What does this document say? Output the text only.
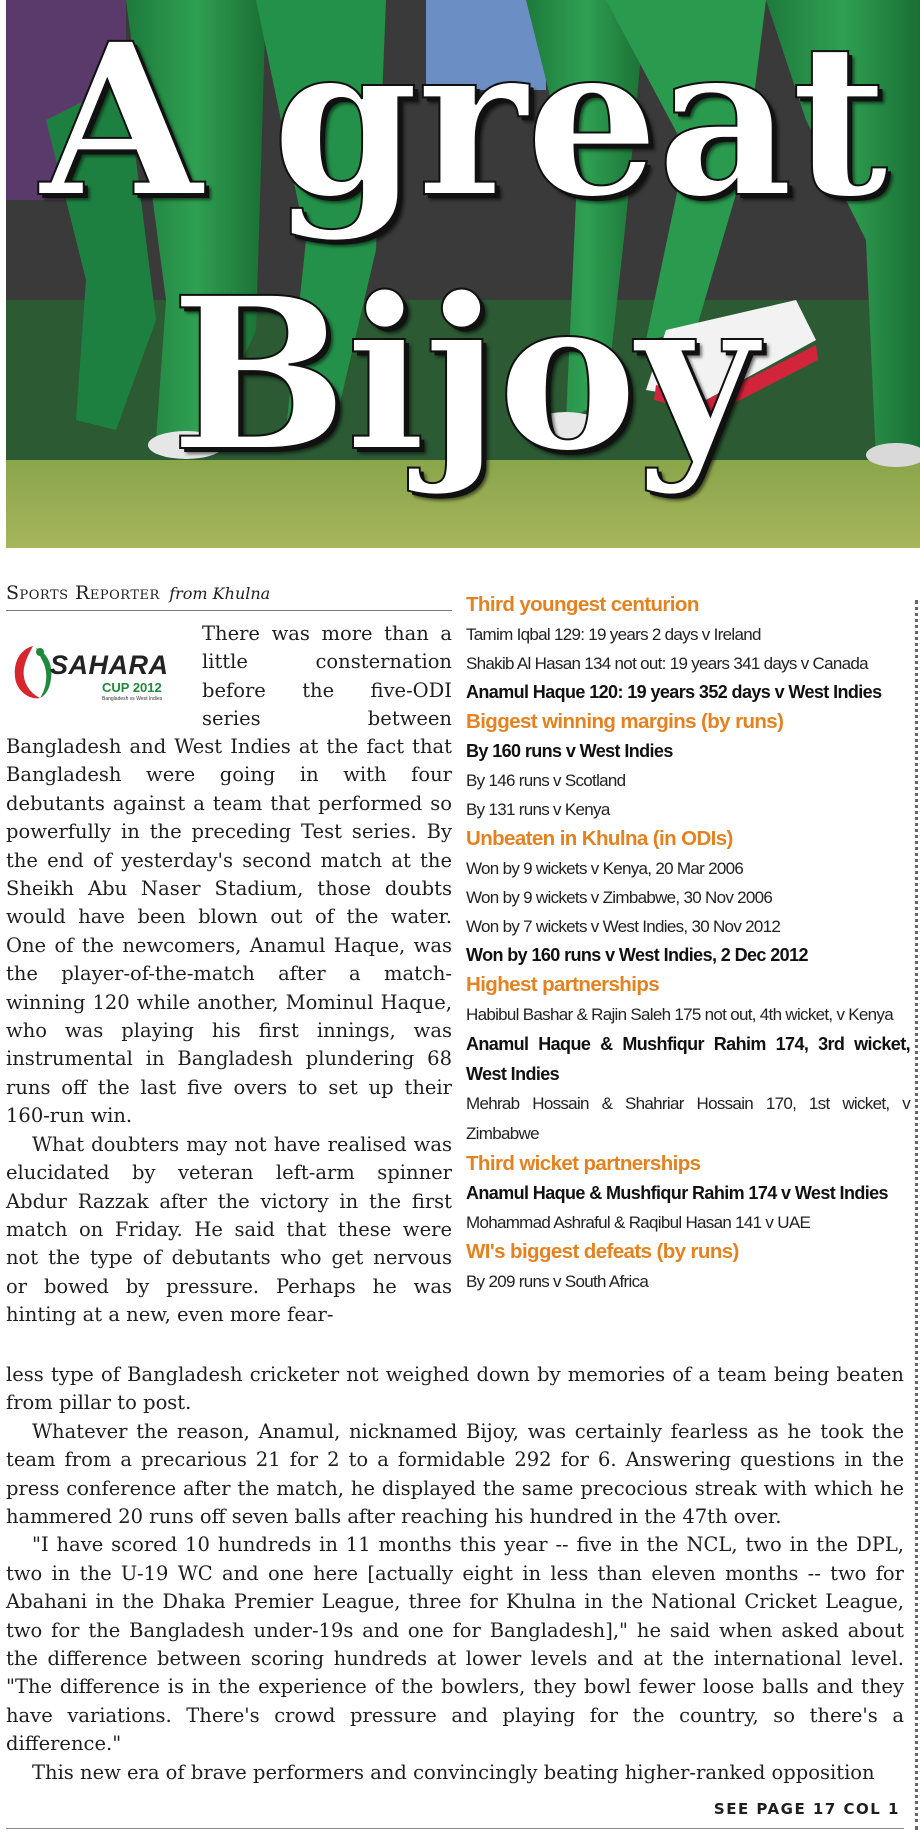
A great
Bijoy
Sports Reporter from Khulna
SAHARA
CUP 2012
Bangladesh vs West Indies

There was more than a little consternation before the five-ODI series between

Bangladesh and West Indies at the fact that Bangladesh were going in with four debutants against a team that performed so powerfully in the preceding Test series. By the end of yesterday's second match at the Sheikh Abu Naser Stadium, those doubts would have been blown out of the water. One of the newcomers, Anamul Haque, was the player-of-the-match after a match-winning 120 while another, Mominul Haque, who was playing his first innings, was instrumental in Bangladesh plundering 68 runs off the last five overs to set up their 160-run win.

What doubters may not have realised was elucidated by veteran left-arm spinner Abdur Razzak after the victory in the first match on Friday. He said that these were not the type of debutants who get nervous or bowed by pressure. Perhaps he was hinting at a new, even more fear-

less type of Bangladesh cricketer not weighed down by memories of a team being beaten from pillar to post.

Whatever the reason, Anamul, nicknamed Bijoy, was certainly fearless as he took the team from a precarious 21 for 2 to a formidable 292 for 6. Answering questions in the press conference after the match, he displayed the same precocious streak with which he hammered 20 runs off seven balls after reaching his hundred in the 47th over.

"I have scored 10 hundreds in 11 months this year -- five in the NCL, two in the DPL, two in the U-19 WC and one here [actually eight in less than eleven months -- two for Abahani in the Dhaka Premier League, three for Khulna in the National Cricket League, two for the Bangladesh under-19s and one for Bangladesh]," he said when asked about the difference between scoring hundreds at lower levels and at the international level. "The difference is in the experience of the bowlers, they bowl fewer loose balls and they have variations. There's crowd pressure and playing for the country, so there's a difference."

This new era of brave performers and convincingly beating higher-ranked opposition

SEE PAGE 17 COL 1
Third youngest centurion
Tamim Iqbal 129: 19 years 2 days v Ireland
Shakib Al Hasan 134 not out: 19 years 341 days v Canada
Anamul Haque 120: 19 years 352 days v West Indies
Biggest winning margins (by runs)
By 160 runs v West Indies
By 146 runs v Scotland
By 131 runs v Kenya
Unbeaten in Khulna (in ODIs)
Won by 9 wickets v Kenya, 20 Mar 2006
Won by 9 wickets v Zimbabwe, 30 Nov 2006
Won by 7 wickets v West Indies, 30 Nov 2012
Won by 160 runs v West Indies, 2 Dec 2012
Highest partnerships
Habibul Bashar & Rajin Saleh 175 not out, 4th wicket, v Kenya
Anamul Haque & Mushfiqur Rahim 174, 3rd wicket, West Indies
Mehrab Hossain & Shahriar Hossain 170, 1st wicket, v Zimbabwe
Third wicket partnerships
Anamul Haque & Mushfiqur Rahim 174 v West Indies
Mohammad Ashraful & Raqibul Hasan 141 v UAE
WI's biggest defeats (by runs)
By 209 runs v South Africa
